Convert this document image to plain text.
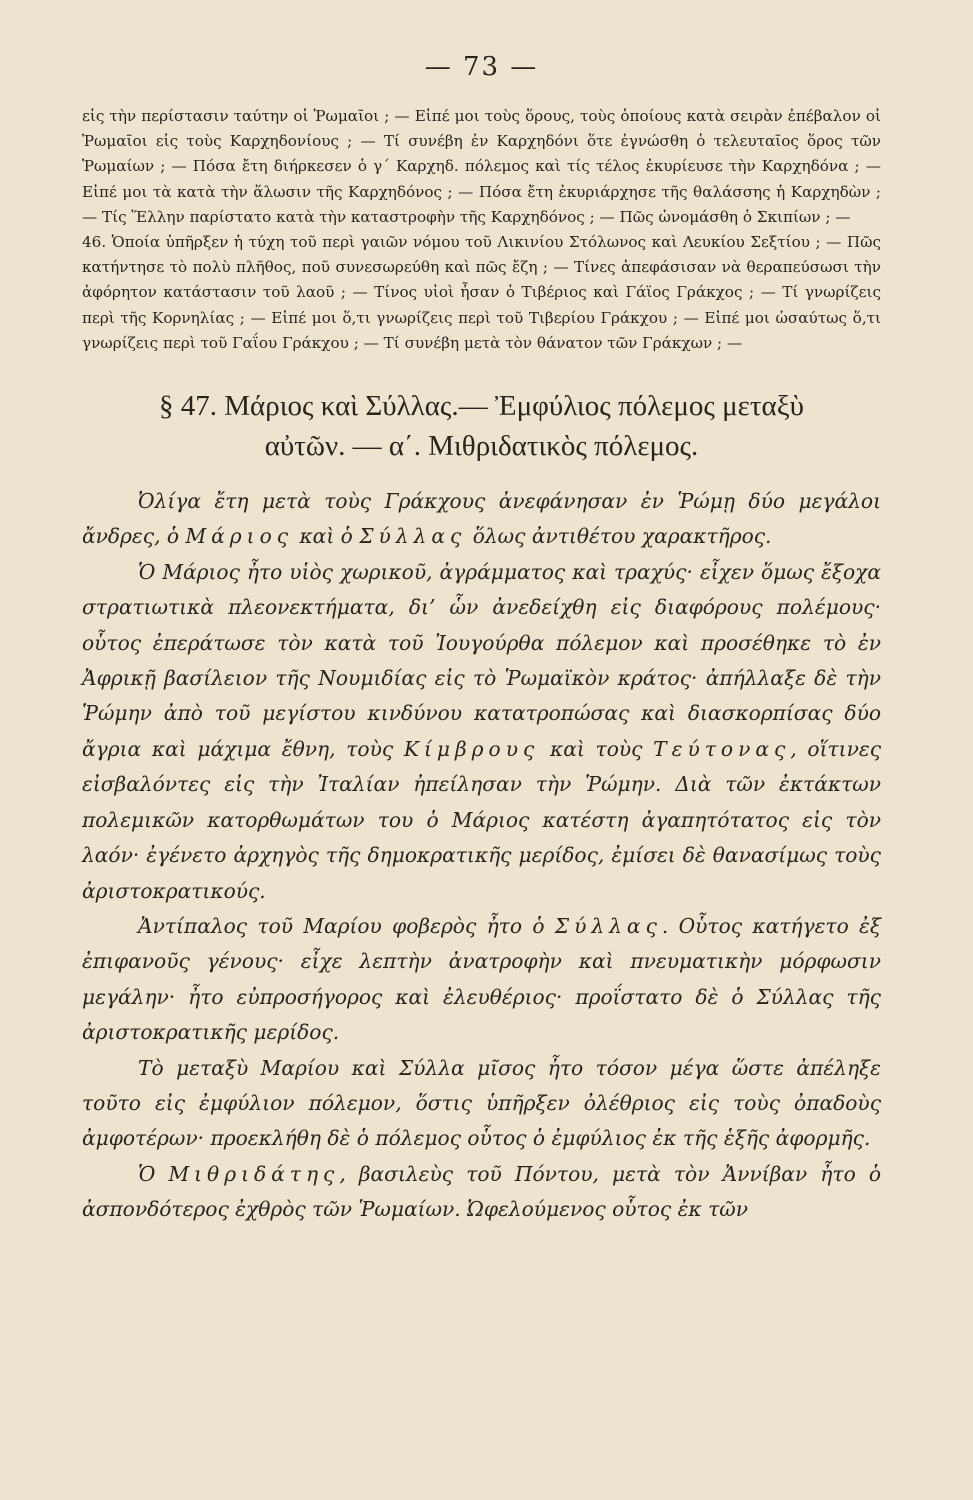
— 73 —

εἰς τὴν περίστασιν ταύτην οἱ Ῥωμαῖοι ; — Εἰπέ μοι τοὺς ὅρους, τοὺς ὁποίους κατὰ σειρὰν ἐπέβαλον οἱ Ῥωμαῖοι εἰς τοὺς Καρχηδονίους ; — Τί συνέβη ἐν Καρχηδόνι ὅτε ἐγνώσθη ὁ τελευταῖος ὅρος τῶν Ῥωμαίων ; — Πόσα ἔτη διήρκεσεν ὁ γ΄ Καρχηδ. πόλεμος καὶ τίς τέλος ἐκυρίευσε τὴν Καρχηδόνα ; — Εἰπέ μοι τὰ κατὰ τὴν ἅλωσιν τῆς Καρχηδόνος ; — Πόσα ἔτη ἐκυριάρχησε τῆς θαλάσσης ἡ Καρχηδὼν ; — Τίς Ἕλλην παρίστατο κατὰ τὴν καταστροφὴν τῆς Καρχηδόνος ; — Πῶς ὠνομάσθη ὁ Σκιπίων ; —

46. Ὁποία ὑπῆρξεν ἡ τύχη τοῦ περὶ γαιῶν νόμου τοῦ Λικινίου Στόλωνος καὶ Λευκίου Σεξτίου ; — Πῶς κατήντησε τὸ πολὺ πλῆθος, ποῦ συνεσωρεύθη καὶ πῶς ἔζη ; — Τίνες ἀπεφάσισαν νὰ θεραπεύσωσι τὴν ἀφόρητον κατάστασιν τοῦ λαοῦ ; — Τίνος υἱοὶ ἦσαν ὁ Τιβέριος καὶ Γάϊος Γράκχος ; — Τί γνωρίζεις περὶ τῆς Κορνηλίας ; — Εἰπέ μοι ὅ,τι γνωρίζεις περὶ τοῦ Τιβερίου Γράκχου ; — Εἰπέ μοι ὡσαύτως ὅ,τι γνωρίζεις περὶ τοῦ Γαΐου Γράκχου ; — Τί συνέβη μετὰ τὸν θάνατον τῶν Γράκχων ; —

§ 47. Μάριος καὶ Σύλλας.— Ἐμφύλιος πόλεμος μεταξὺ
αὐτῶν. — α΄. Μιθριδατικὸς πόλεμος.

Ὀλίγα ἔτη μετὰ τοὺς Γράκχους ἀνεφάνησαν ἐν Ῥώμῃ δύο μεγάλοι ἄνδρες, ὁ Μάριος καὶ ὁ Σύλλας ὅλως ἀντιθέτου χαρακτῆρος.

Ὁ Μάριος ἦτο υἱὸς χωρικοῦ, ἀγράμματος καὶ τραχύς· εἶχεν ὅμως ἔξοχα στρατιωτικὰ πλεονεκτήματα, δι’ ὧν ἀνεδείχθη εἰς διαφόρους πολέμους· οὗτος ἐπεράτωσε τὸν κατὰ τοῦ Ἰουγούρθα πόλεμον καὶ προσέθηκε τὸ ἐν Ἀφρικῇ βασίλειον τῆς Νουμιδίας εἰς τὸ Ῥωμαϊκὸν κράτος· ἀπήλλαξε δὲ τὴν Ῥώμην ἀπὸ τοῦ μεγίστου κινδύνου κατατροπώσας καὶ διασκορπίσας δύο ἄγρια καὶ μάχιμα ἔθνη, τοὺς Κίμβρους καὶ τοὺς Τεύτονας, οἵτινες εἰσβαλόντες εἰς τὴν Ἰταλίαν ἠπείλησαν τὴν Ῥώμην. Διὰ τῶν ἐκτάκτων πολεμικῶν κατορθωμάτων του ὁ Μάριος κατέστη ἀγαπητότατος εἰς τὸν λαόν· ἐγένετο ἀρχηγὸς τῆς δημοκρατικῆς μερίδος, ἐμίσει δὲ θανασίμως τοὺς ἀριστοκρατικούς.

Ἀντίπαλος τοῦ Μαρίου φοβερὸς ἦτο ὁ Σύλλας. Οὗτος κατήγετο ἐξ ἐπιφανοῦς γένους· εἶχε λεπτὴν ἀνατροφὴν καὶ πνευματικὴν μόρφωσιν μεγάλην· ἦτο εὐπροσήγορος καὶ ἐλευθέριος· προΐστατο δὲ ὁ Σύλλας τῆς ἀριστοκρατικῆς μερίδος.

Τὸ μεταξὺ Μαρίου καὶ Σύλλα μῖσος ἦτο τόσον μέγα ὥστε ἀπέληξε τοῦτο εἰς ἐμφύλιον πόλεμον, ὅστις ὑπῆρξεν ὀλέθριος εἰς τοὺς ὀπαδοὺς ἀμφοτέρων· προεκλήθη δὲ ὁ πόλεμος οὗτος ὁ ἐμφύλιος ἐκ τῆς ἑξῆς ἀφορμῆς.

Ὁ Μιθριδάτης, βασιλεὺς τοῦ Πόντου, μετὰ τὸν Ἀννίβαν ἦτο ὁ ἀσπονδότερος ἐχθρὸς τῶν Ῥωμαίων. Ὠφελούμενος οὗτος ἐκ τῶν
